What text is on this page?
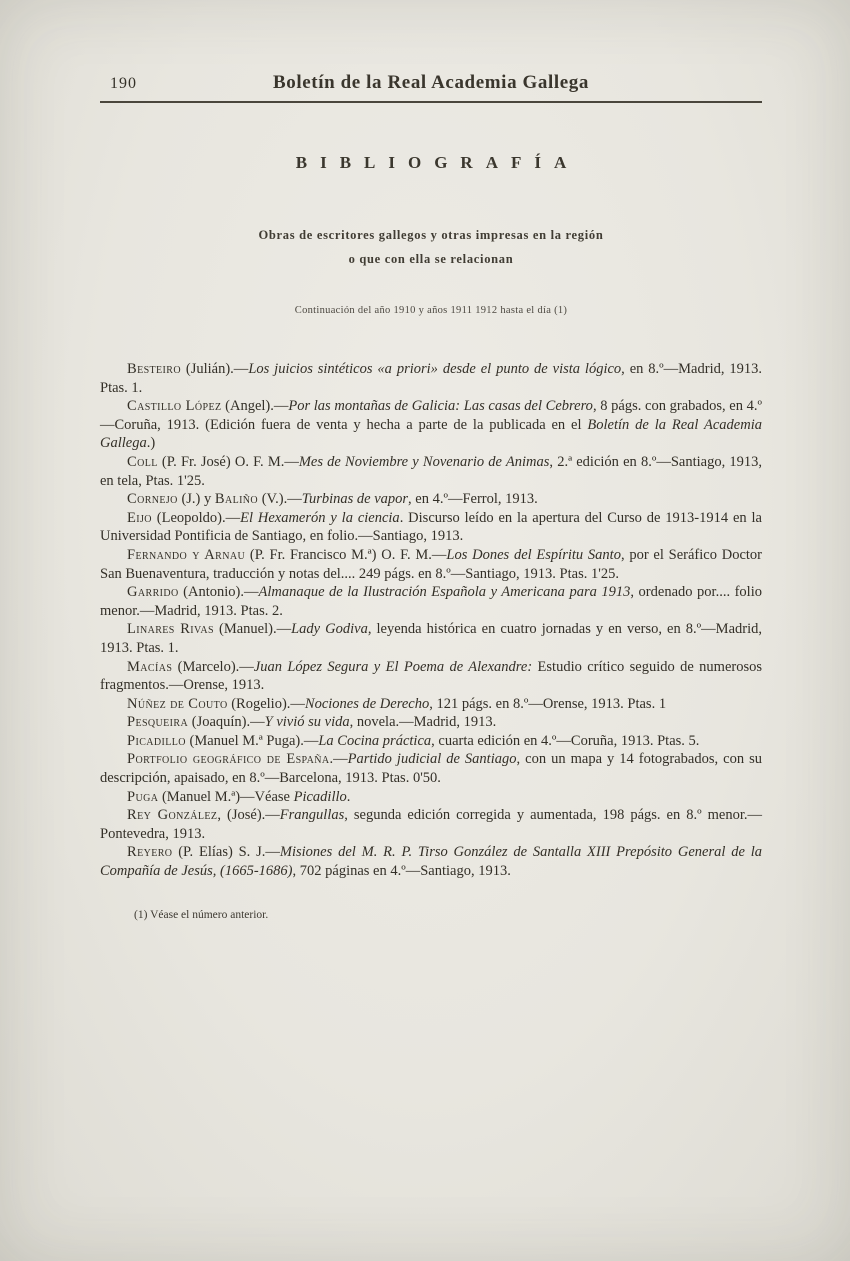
190	Boletín de la Real Academia Gallega
BIBLIOGRAFÍA
Obras de escritores gallegos y otras impresas en la región
o que con ella se relacionan
Continuación del año 1910 y años 1911 1912 hasta el día (1)

Besteiro (Julián).—Los juicios sintéticos «a priori» desde el punto de vista lógico, en 8.º—Madrid, 1913. Ptas. 1.

Castillo López (Angel).—Por las montañas de Galicia: Las casas del Cebrero, 8 págs. con grabados, en 4.º—Coruña, 1913. (Edición fuera de venta y hecha a parte de la publicada en el Boletín de la Real Academia Gallega.)

Coll (P. Fr. José) O. F. M.—Mes de Noviembre y Novenario de Animas, 2.ª edición en 8.º—Santiago, 1913, en tela, Ptas. 1'25.

Cornejo (J.) y Baliño (V.).—Turbinas de vapor, en 4.º—Ferrol, 1913.

Eijo (Leopoldo).—El Hexamerón y la ciencia. Discurso leído en la apertura del Curso de 1913-1914 en la Universidad Pontificia de Santiago, en folio.—Santiago, 1913.

Fernando y Arnau (P. Fr. Francisco M.ª) O. F. M.—Los Dones del Espíritu Santo, por el Seráfico Doctor San Buenaventura, traducción y notas del.... 249 págs. en 8.º—Santiago, 1913. Ptas. 1'25.

Garrido (Antonio).—Almanaque de la Ilustración Española y Americana para 1913, ordenado por.... folio menor.—Madrid, 1913. Ptas. 2.

Linares Rivas (Manuel).—Lady Godiva, leyenda histórica en cuatro jornadas y en verso, en 8.º—Madrid, 1913. Ptas. 1.

Macías (Marcelo).—Juan López Segura y El Poema de Alexandre: Estudio crítico seguido de numerosos fragmentos.—Orense, 1913.

Núñez de Couto (Rogelio).—Nociones de Derecho, 121 págs. en 8.º—Orense, 1913. Ptas. 1

Pesqueira (Joaquín).—Y vivió su vida, novela.—Madrid, 1913.

Picadillo (Manuel M.ª Puga).—La Cocina práctica, cuarta edición en 4.º—Coruña, 1913. Ptas. 5.

Portfolio geográfico de España.—Partido judicial de Santiago, con un mapa y 14 fotograbados, con su descripción, apaisado, en 8.º—Barcelona, 1913. Ptas. 0'50.

Puga (Manuel M.ª)—Véase Picadillo.

Rey González, (José).—Frangullas, segunda edición corregida y aumentada, 198 págs. en 8.º menor.—Pontevedra, 1913.

Reyero (P. Elías) S. J.—Misiones del M. R. P. Tirso González de Santalla XIII Prepósito General de la Compañía de Jesús, (1665-1686), 702 páginas en 4.º—Santiago, 1913.

(1) Véase el número anterior.
